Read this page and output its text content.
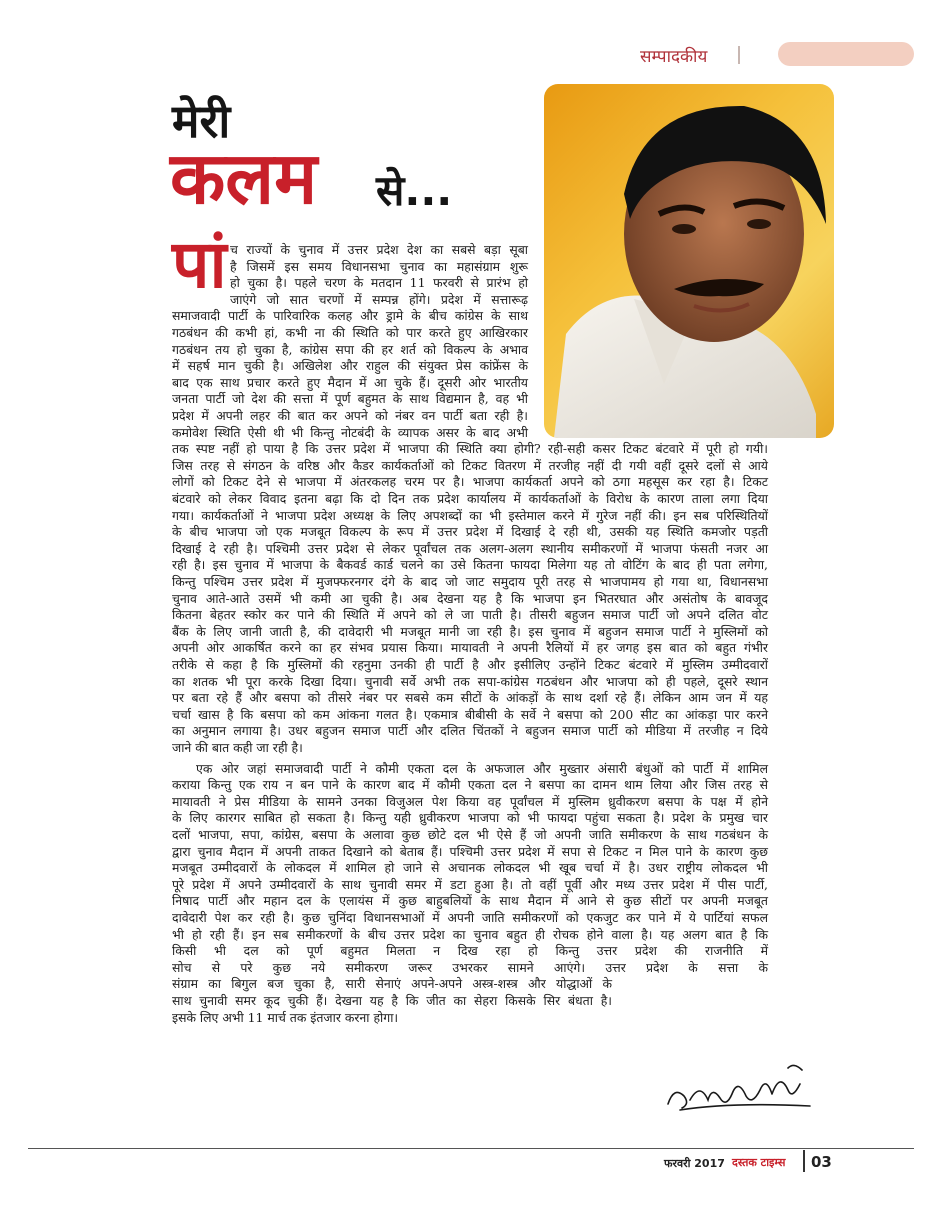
सम्पादकीय
मेरी
कलम से...
पां च राज्यों के चुनाव में उत्तर प्रदेश देश का सबसे बड़ा सूबा
है जिसमें इस समय विधानसभा चुनाव का महासंग्राम शुरू
हो चुका है। पहले चरण के मतदान 11 फरवरी से प्रारंभ हो
जाएंगे जो सात चरणों में सम्पन्न होंगे। प्रदेश में सत्तारूढ़
समाजवादी पार्टी के पारिवारिक कलह और ड्रामे के बीच कांग्रेस के साथ
गठबंधन की कभी हां, कभी ना की स्थिति को पार करते हुए आखिरकार
गठबंधन तय हो चुका है, कांग्रेस सपा की हर शर्त को विकल्प के अभाव
में सहर्ष मान चुकी है। अखिलेश और राहुल की संयुक्त प्रेस कांफ्रेंस के
बाद एक साथ प्रचार करते हुए मैदान में आ चुके हैं। दूसरी ओर भारतीय
जनता पार्टी जो देश की सत्ता में पूर्ण बहुमत के साथ विद्यमान है, वह भी
प्रदेश में अपनी लहर की बात कर अपने को नंबर वन पार्टी बता रही है।
कमोवेश स्थिति ऐसी थी भी किन्तु नोटबंदी के व्यापक असर के बाद अभी
तक स्पष्ट नहीं हो पाया है कि उत्तर प्रदेश में भाजपा की स्थिति क्या होगी? रही-सही कसर टिकट बंटवारे में पूरी हो गयी।
जिस तरह से संगठन के वरिष्ठ और कैडर कार्यकर्ताओं को टिकट वितरण में तरजीह नहीं दी गयी वहीं दूसरे दलों से आये
लोगों को टिकट देने से भाजपा में अंतरकलह चरम पर है। भाजपा कार्यकर्ता अपने को ठगा महसूस कर रहा है। टिकट
बंटवारे को लेकर विवाद इतना बढ़ा कि दो दिन तक प्रदेश कार्यालय में कार्यकर्ताओं के विरोध के कारण ताला लगा दिया
गया। कार्यकर्ताओं ने भाजपा प्रदेश अध्यक्ष के लिए अपशब्दों का भी इस्तेमाल करने में गुरेज नहीं की। इन सब परिस्थितियों
के बीच भाजपा जो एक मजबूत विकल्प के रूप में उत्तर प्रदेश में दिखाई दे रही थी, उसकी यह स्थिति कमजोर पड़ती
दिखाई दे रही है। पश्चिमी उत्तर प्रदेश से लेकर पूर्वांचल तक अलग-अलग स्थानीय समीकरणों में भाजपा फंसती नजर आ
रही है। इस चुनाव में भाजपा के बैकवर्ड कार्ड चलने का उसे कितना फायदा मिलेगा यह तो वोटिंग के बाद ही पता लगेगा,
किन्तु पश्चिम उत्तर प्रदेश में मुजफ्फरनगर दंगे के बाद जो जाट समुदाय पूरी तरह से भाजपामय हो गया था, विधानसभा
चुनाव आते-आते उसमें भी कमी आ चुकी है। अब देखना यह है कि भाजपा इन भितरघात और असंतोष के बावजूद
कितना बेहतर स्कोर कर पाने की स्थिति में अपने को ले जा पाती है। तीसरी बहुजन समाज पार्टी जो अपने दलित वोट
बैंक के लिए जानी जाती है, की दावेदारी भी मजबूत मानी जा रही है। इस चुनाव में बहुजन समाज पार्टी ने मुस्लिमों को
अपनी ओर आकर्षित करने का हर संभव प्रयास किया। मायावती ने अपनी रैलियों में हर जगह इस बात को बहुत गंभीर
तरीके से कहा है कि मुस्लिमों की रहनुमा उनकी ही पार्टी है और इसीलिए उन्होंने टिकट बंटवारे में मुस्लिम उम्मीदवारों
का शतक भी पूरा करके दिखा दिया। चुनावी सर्वे अभी तक सपा-कांग्रेस गठबंधन और भाजपा को ही पहले, दूसरे स्थान
पर बता रहे हैं और बसपा को तीसरे नंबर पर सबसे कम सीटों के आंकड़ों के साथ दर्शा रहे हैं। लेकिन आम जन में यह
चर्चा खास है कि बसपा को कम आंकना गलत है। एकमात्र बीबीसी के सर्वे ने बसपा को 200 सीट का आंकड़ा पार करने
का अनुमान लगाया है। उधर बहुजन समाज पार्टी और दलित चिंतकों ने बहुजन समाज पार्टी को मीडिया में तरजीह न दिये
जाने की बात कही जा रही है।
एक ओर जहां समाजवादी पार्टी ने कौमी एकता दल के अफजाल और मुख्तार अंसारी बंधुओं को पार्टी में शामिल
कराया किन्तु एक राय न बन पाने के कारण बाद में कौमी एकता दल ने बसपा का दामन थाम लिया और जिस तरह से
मायावती ने प्रेस मीडिया के सामने उनका विजुअल पेश किया वह पूर्वांचल में मुस्लिम ध्रुवीकरण बसपा के पक्ष में होने
के लिए कारगर साबित हो सकता है। किन्तु यही ध्रुवीकरण भाजपा को भी फायदा पहुंचा सकता है। प्रदेश के प्रमुख चार
दलों भाजपा, सपा, कांग्रेस, बसपा के अलावा कुछ छोटे दल भी ऐसे हैं जो अपनी जाति समीकरण के साथ गठबंधन के
द्वारा चुनाव मैदान में अपनी ताकत दिखाने को बेताब हैं। पश्चिमी उत्तर प्रदेश में सपा से टिकट न मिल पाने के कारण कुछ
मजबूत उम्मीदवारों के लोकदल में शामिल हो जाने से अचानक लोकदल भी खूब चर्चा में है। उधर राष्ट्रीय लोकदल भी
पूरे प्रदेश में अपने उम्मीदवारों के साथ चुनावी समर में डटा हुआ है। तो वहीं पूर्वी और मध्य उत्तर प्रदेश में पीस पार्टी,
निषाद पार्टी और महान दल के एलायंस में कुछ बाहुबलियों के साथ मैदान में आने से कुछ सीटों पर अपनी मजबूत
दावेदारी पेश कर रही है। कुछ चुनिंदा विधानसभाओं में अपनी जाति समीकरणों को एकजुट कर पाने में ये पार्टियां सफल
भी हो रही हैं। इन सब समीकरणों के बीच उत्तर प्रदेश का चुनाव बहुत ही रोचक होने वाला है। यह अलग बात है कि
किसी भी दल को पूर्ण बहुमत मिलता न दिख रहा हो किन्तु उत्तर प्रदेश की राजनीति में
सोच से परे कुछ नये समीकरण जरूर उभरकर सामने आएंगे। उत्तर प्रदेश के सत्ता के
संग्राम का बिगुल बज चुका है, सारी सेनाएं अपने-अपने अस्त्र-शस्त्र और योद्धाओं के
साथ चुनावी समर कूद चुकी हैं। देखना यह है कि जीत का सेहरा किसके सिर बंधता है।
इसके लिए अभी 11 मार्च तक इंतजार करना होगा।
फरवरी 2017 दस्तक टाइम्स 03
